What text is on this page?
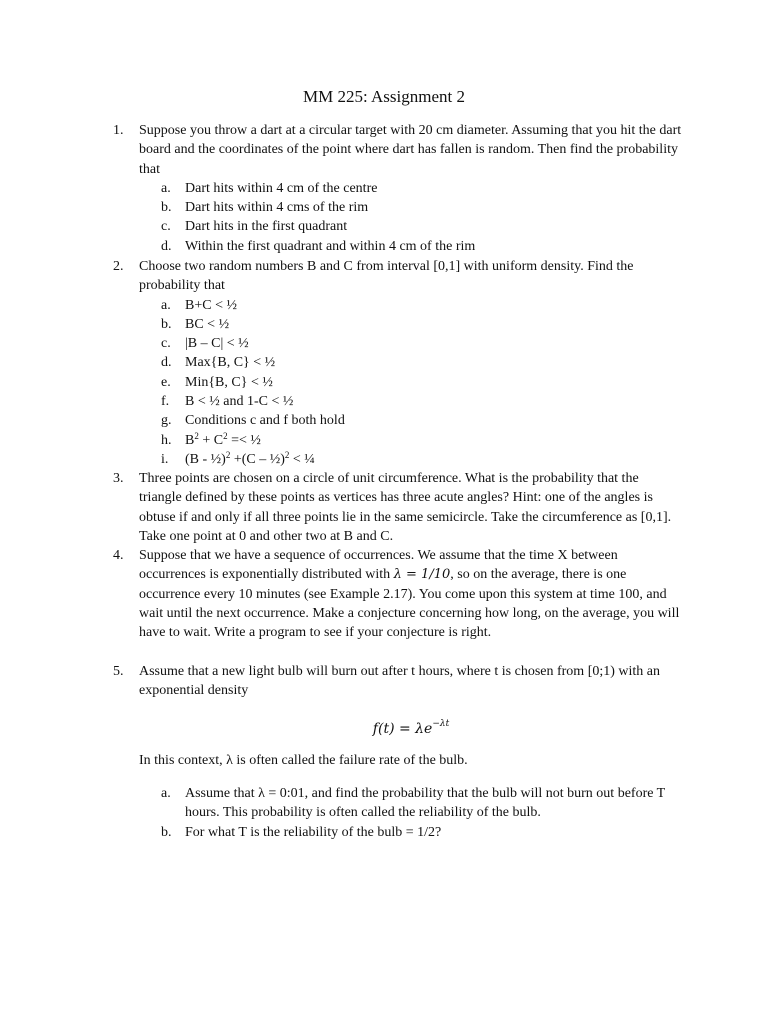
MM 225: Assignment 2
1.	Suppose you throw a dart at a circular target with 20 cm diameter. Assuming that you hit the dart board and the coordinates of the point where dart has fallen is random. Then find the probability that
a. Dart hits within 4 cm of the centre
b. Dart hits within 4 cms of the rim
c. Dart hits in the first quadrant
d. Within the first quadrant and within 4 cm of the rim
2.	Choose two random numbers B and C from interval [0,1] with uniform density. Find the probability that
a. B+C < ½
b. BC < ½
c. |B – C| < ½
d. Max{B, C} < ½
e. Min{B, C} < ½
f. B < ½ and 1-C < ½
g. Conditions c and f both hold
h. $B^2 + C^2$ =< ½
i. (B - ½)$^2$ +(C – ½)$^2$ < ¼
3.	Three points are chosen on a circle of unit circumference. What is the probability that the triangle defined by these points as vertices has three acute angles? Hint: one of the angles is obtuse if and only if all three points lie in the same semicircle. Take the circumference as [0,1]. Take one point at 0 and other two at B and C.
4.	Suppose that we have a sequence of occurrences. We assume that the time X between occurrences is exponentially distributed with λ = 1/10, so on the average, there is one occurrence every 10 minutes (see Example 2.17). You come upon this system at time 100, and wait until the next occurrence. Make a conjecture concerning how long, on the average, you will have to wait. Write a program to see if your conjecture is right.
5.	Assume that a new light bulb will burn out after t hours, where t is chosen from [0;1) with an exponential density
$f(t) = \lambda e^{-\lambda t}$
In this context, λ is often called the failure rate of the bulb.
a. Assume that λ = 0:01, and find the probability that the bulb will not burn out before T hours. This probability is often called the reliability of the bulb.
b. For what T is the reliability of the bulb = 1/2?
